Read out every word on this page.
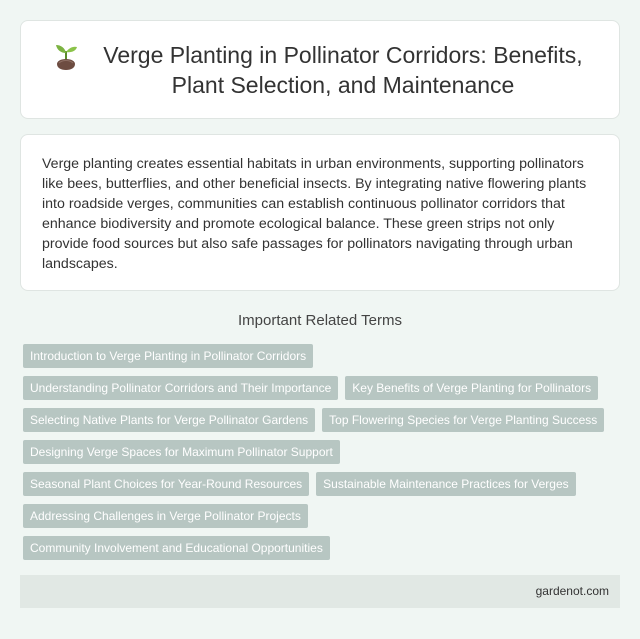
Verge Planting in Pollinator Corridors: Benefits, Plant Selection, and Maintenance

Verge planting creates essential habitats in urban environments, supporting pollinators like bees, butterflies, and other beneficial insects. By integrating native flowering plants into roadside verges, communities can establish continuous pollinator corridors that enhance biodiversity and promote ecological balance. These green strips not only provide food sources but also safe passages for pollinators navigating through urban landscapes.

Important Related Terms
Introduction to Verge Planting in Pollinator Corridors
Understanding Pollinator Corridors and Their Importance	Key Benefits of Verge Planting for Pollinators
Selecting Native Plants for Verge Pollinator Gardens	Top Flowering Species for Verge Planting Success
Designing Verge Spaces for Maximum Pollinator Support
Seasonal Plant Choices for Year-Round Resources	Sustainable Maintenance Practices for Verges
Addressing Challenges in Verge Pollinator Projects
Community Involvement and Educational Opportunities
gardenot.com
